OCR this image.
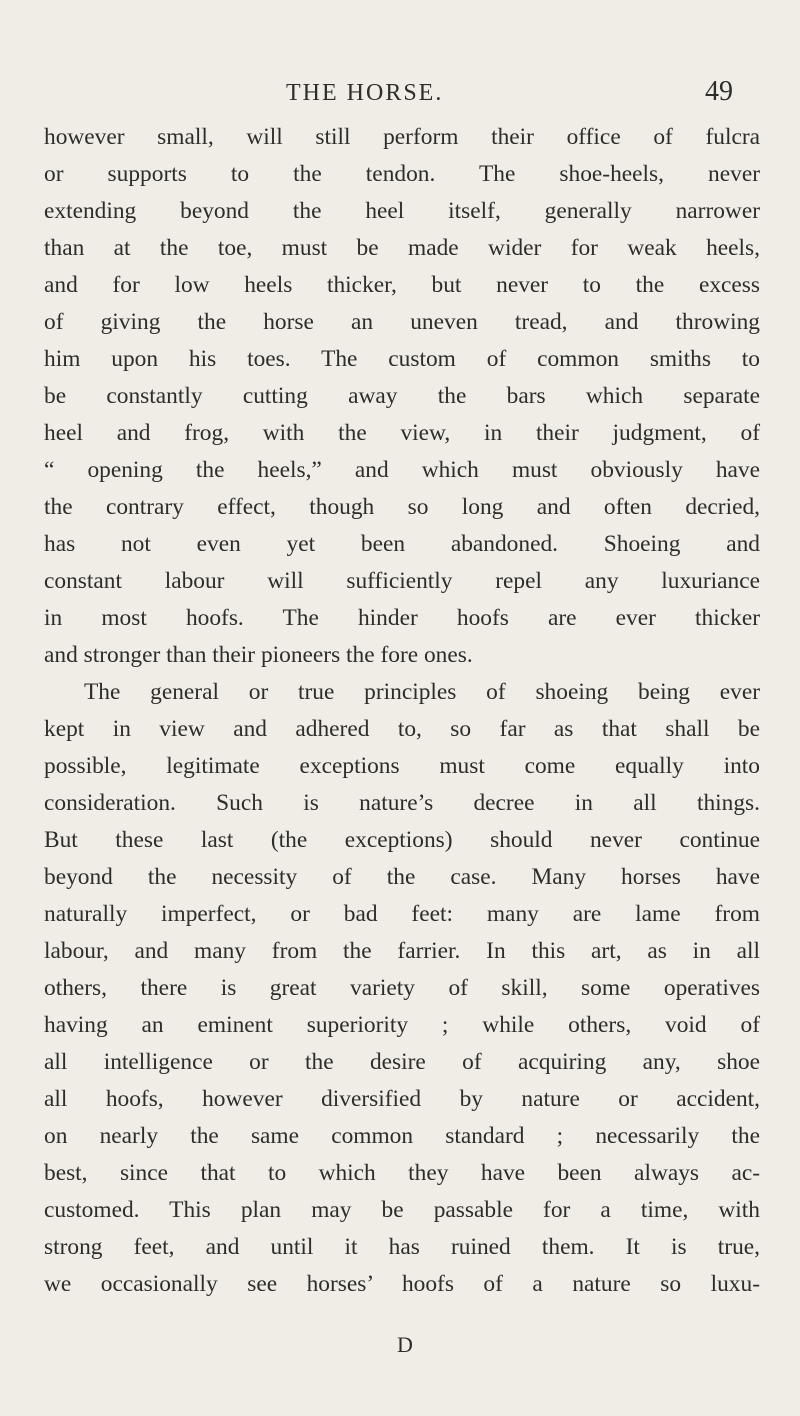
THE HORSE.	49
however small, will still perform their office of fulcra
or supports to the tendon. The shoe-heels, never
extending beyond the heel itself, generally narrower
than at the toe, must be made wider for weak heels,
and for low heels thicker, but never to the excess
of giving the horse an uneven tread, and throwing
him upon his toes. The custom of common smiths to
be constantly cutting away the bars which separate
heel and frog, with the view, in their judgment, of
“ opening the heels,” and which must obviously have
the contrary effect, though so long and often decried,
has not even yet been abandoned. Shoeing and
constant labour will sufficiently repel any luxuriance
in most hoofs. The hinder hoofs are ever thicker
and stronger than their pioneers the fore ones.
The general or true principles of shoeing being ever
kept in view and adhered to, so far as that shall be
possible, legitimate exceptions must come equally into
consideration. Such is nature’s decree in all things.
But these last (the exceptions) should never continue
beyond the necessity of the case. Many horses have
naturally imperfect, or bad feet: many are lame from
labour, and many from the farrier. In this art, as in all
others, there is great variety of skill, some operatives
having an eminent superiority ; while others, void of
all intelligence or the desire of acquiring any, shoe
all hoofs, however diversified by nature or accident,
on nearly the same common standard ; necessarily the
best, since that to which they have been always ac-
customed. This plan may be passable for a time, with
strong feet, and until it has ruined them. It is true,
we occasionally see horses’ hoofs of a nature so luxu-
D
